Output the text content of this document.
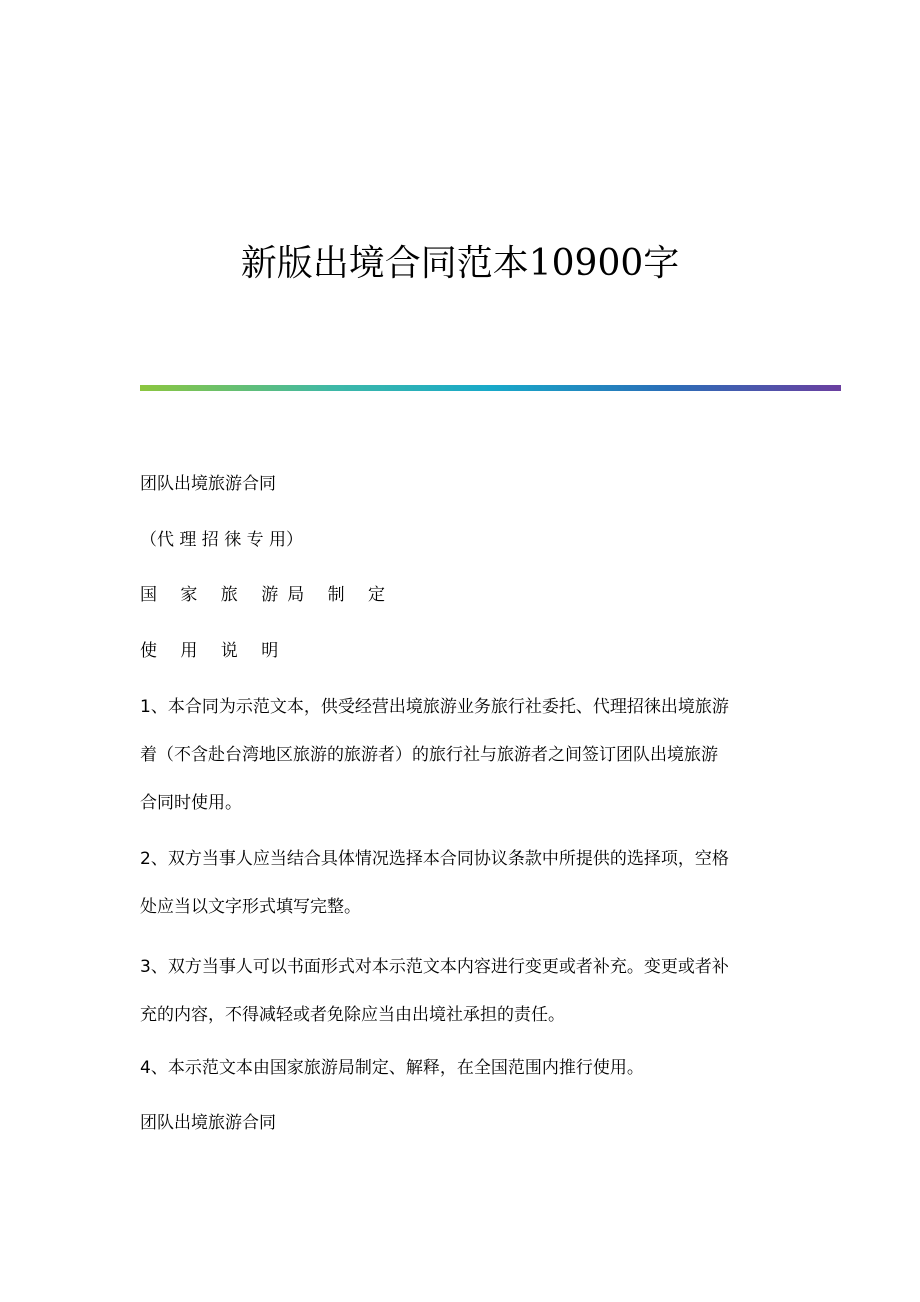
新版出境合同范本10900字

团队出境旅游合同

（代 理 招 徕 专 用）

国 家 旅 游局 制 定

使 用 说 明

1、本合同为示范文本，供受经营出境旅游业务旅行社委托、代理招徕出境旅游
着（不含赴台湾地区旅游的旅游者）的旅行社与旅游者之间签订团队出境旅游
合同时使用。
2、双方当事人应当结合具体情况选择本合同协议条款中所提供的选择项，空格
处应当以文字形式填写完整。
3、双方当事人可以书面形式对本示范文本内容进行变更或者补充。变更或者补
充的内容，不得减轻或者免除应当由出境社承担的责任。
4、本示范文本由国家旅游局制定、解释，在全国范围内推行使用。

团队出境旅游合同
